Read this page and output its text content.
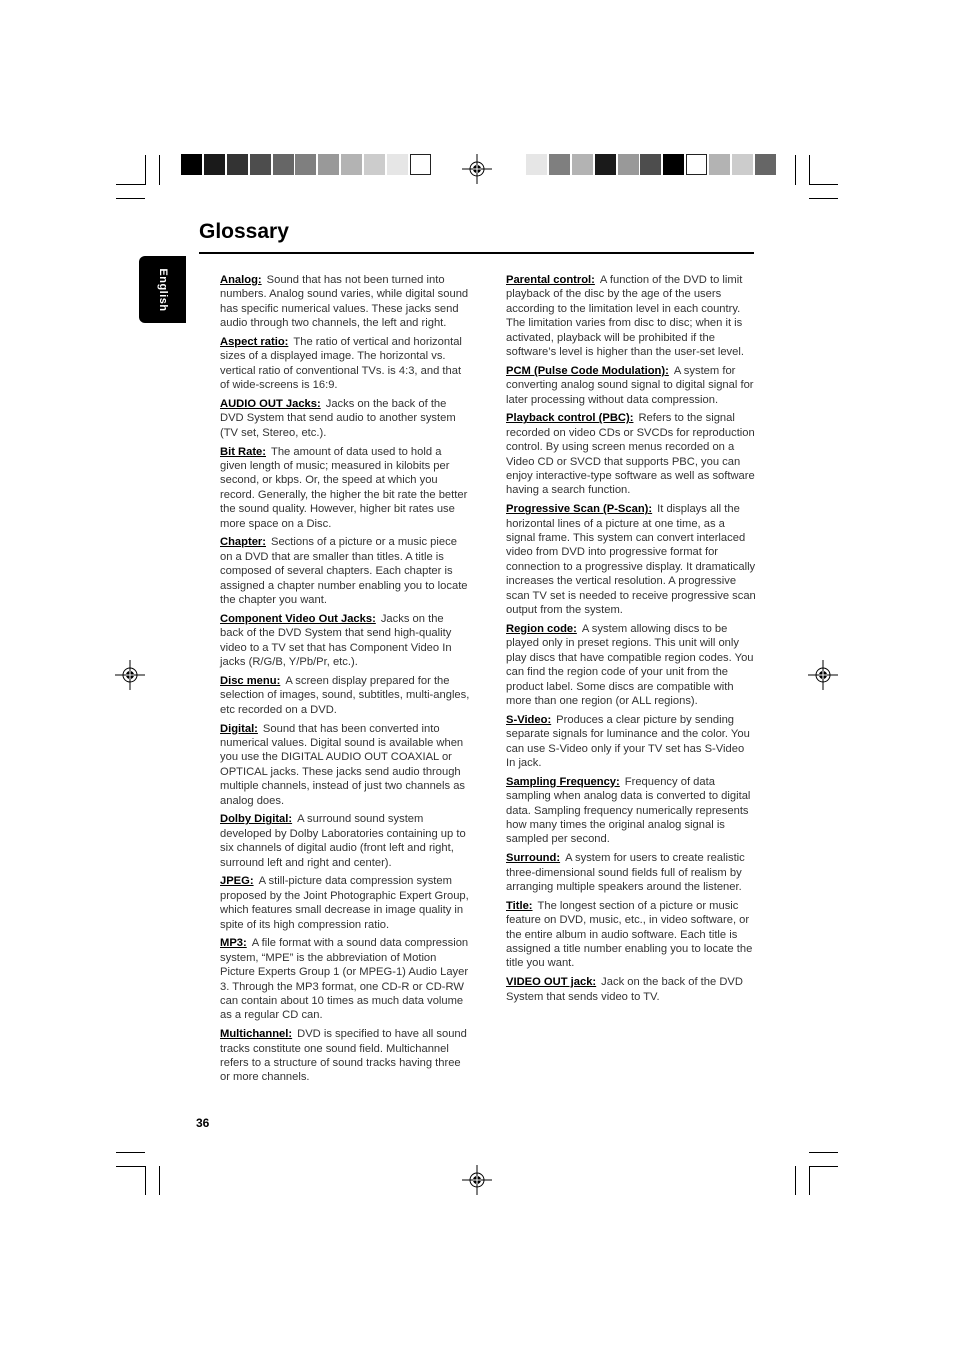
Glossary
English	Analog: Sound that has not been turned into numbers. Analog sound varies, while digital sound has specific numerical values. These jacks send audio through two channels, the left and right.
Aspect ratio: The ratio of vertical and horizontal sizes of a displayed image. The horizontal vs. vertical ratio of conventional TVs. is 4:3, and that of wide-screens is 16:9.
AUDIO OUT Jacks: Jacks on the back of the DVD System that send audio to another system (TV set, Stereo, etc.).
Bit Rate: The amount of data used to hold a given length of music; measured in kilobits per second, or kbps. Or, the speed at which you record. Generally, the higher the bit rate the better the sound quality. However, higher bit rates use more space on a Disc.
Chapter: Sections of a picture or a music piece on a DVD that are smaller than titles. A title is composed of several chapters. Each chapter is assigned a chapter number enabling you to locate the chapter you want.
Component Video Out Jacks: Jacks on the back of the DVD System that send high-quality video to a TV set that has Component Video In jacks (R/G/B, Y/Pb/Pr, etc.).
Disc menu: A screen display prepared for the selection of images, sound, subtitles, multi-angles, etc recorded on a DVD.
Digital: Sound that has been converted into numerical values. Digital sound is available when you use the DIGITAL AUDIO OUT COAXIAL or OPTICAL jacks. These jacks send audio through multiple channels, instead of just two channels as analog does.
Dolby Digital: A surround sound system developed by Dolby Laboratories containing up to six channels of digital audio (front left and right, surround left and right and center).
JPEG: A still-picture data compression system proposed by the Joint Photographic Expert Group, which features small decrease in image quality in spite of its high compression ratio.
MP3: A file format with a sound data compression system, “MPE” is the abbreviation of Motion Picture Experts Group 1 (or MPEG-1) Audio Layer 3. Through the MP3 format, one CD-R or CD-RW can contain about 10 times as much data volume as a regular CD can.
Multichannel: DVD is specified to have all sound tracks constitute one sound field. Multichannel refers to a structure of sound tracks having three or more channels.
Parental control: A function of the DVD to limit playback of the disc by the age of the users according to the limitation level in each country. The limitation varies from disc to disc; when it is activated, playback will be prohibited if the software’s level is higher than the user-set level.
PCM (Pulse Code Modulation): A system for converting analog sound signal to digital signal for later processing without data compression.
Playback control (PBC): Refers to the signal recorded on video CDs or SVCDs for reproduction control. By using screen menus recorded on a Video CD or SVCD that supports PBC, you can enjoy interactive-type software as well as software having a search function.
Progressive Scan (P-Scan): It displays all the horizontal lines of a picture at one time, as a signal frame. This system can convert interlaced video from DVD into progressive format for connection to a progressive display. It dramatically increases the vertical resolution. A progressive scan TV set is needed to receive progressive scan output from the system.
Region code: A system allowing discs to be played only in preset regions. This unit will only play discs that have compatible region codes. You can find the region code of your unit from the product label. Some discs are compatible with more than one region (or ALL regions).
S-Video: Produces a clear picture by sending separate signals for luminance and the color. You can use S-Video only if your TV set has S-Video In jack.
Sampling Frequency: Frequency of data sampling when analog data is converted to digital data. Sampling frequency numerically represents how many times the original analog signal is sampled per second.
Surround: A system for users to create realistic three-dimensional sound fields full of realism by arranging multiple speakers around the listener.
Title: The longest section of a picture or music feature on DVD, music, etc., in video software, or the entire album in audio software. Each title is assigned a title number enabling you to locate the title you want.
VIDEO OUT jack: Jack on the back of the DVD System that sends video to TV.
36
